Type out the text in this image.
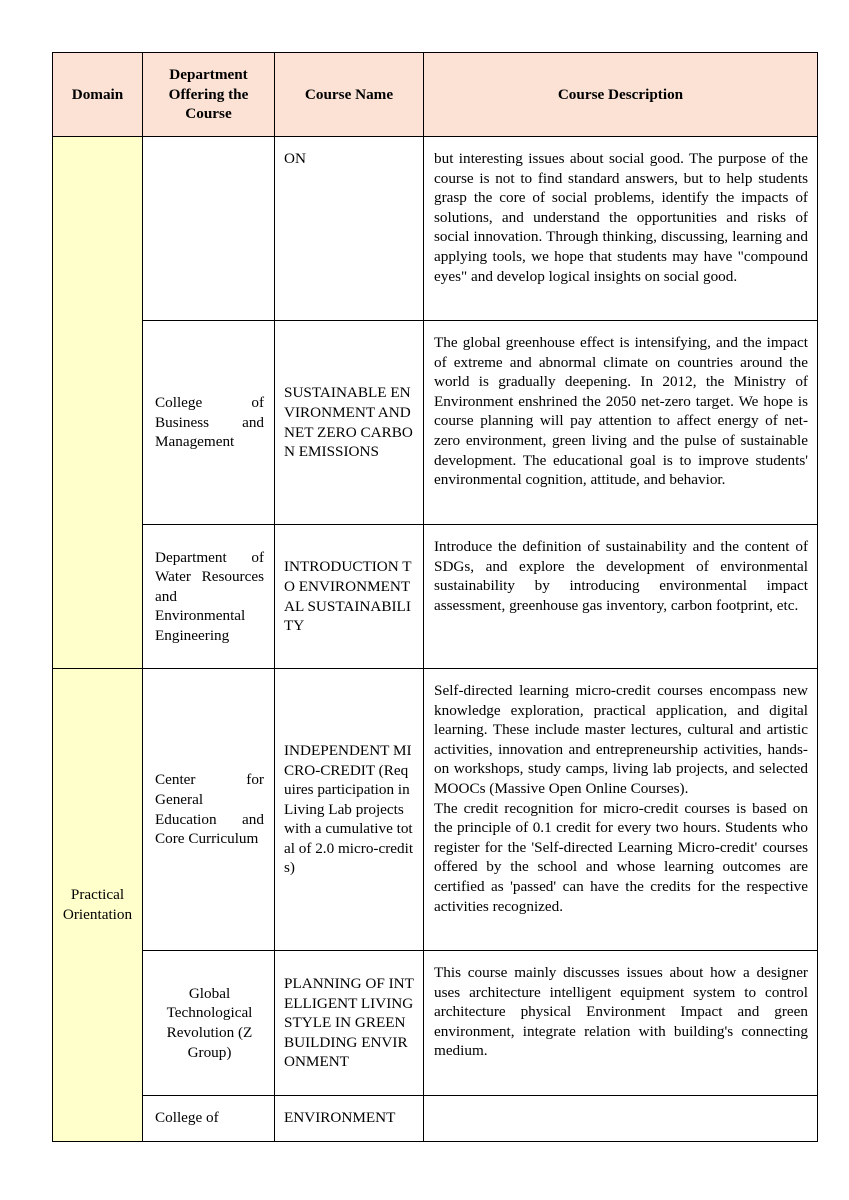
Domain	Department Offering the Course	Course Name	Course Description
		ON	but interesting issues about social good. The purpose of the course is not to find standard answers, but to help students grasp the core of social problems, identify the impacts of solutions, and understand the opportunities and risks of social innovation. Through thinking, discussing, learning and applying tools, we hope that students may have "compound eyes" and develop logical insights on social good.
	College of Business and Management	SUSTAINABLE ENVIRONMENT AND NET ZERO CARBON EMISSIONS	The global greenhouse effect is intensifying, and the impact of extreme and abnormal climate on countries around the world is gradually deepening. In 2012, the Ministry of Environment enshrined the 2050 net-zero target. We hope is course planning will pay attention to affect energy of net-zero environment, green living and the pulse of sustainable development. The educational goal is to improve students' environmental cognition, attitude, and behavior.
	Department of Water Resources and Environmental Engineering	INTRODUCTION TO ENVIRONMENTAL SUSTAINABILITY	Introduce the definition of sustainability and the content of SDGs, and explore the development of environmental sustainability by introducing environmental impact assessment, greenhouse gas inventory, carbon footprint, etc.
Practical Orientation	Center for General Education and Core Curriculum	INDEPENDENT MICRO-CREDIT (Requires participation in Living Lab projects with a cumulative total of 2.0 micro-credits)	Self-directed learning micro-credit courses encompass new knowledge exploration, practical application, and digital learning. These include master lectures, cultural and artistic activities, innovation and entrepreneurship activities, hands-on workshops, study camps, living lab projects, and selected MOOCs (Massive Open Online Courses).

The credit recognition for micro-credit courses is based on the principle of 0.1 credit for every two hours. Students who register for the 'Self-directed Learning Micro-credit' courses offered by the school and whose learning outcomes are certified as 'passed' can have the credits for the respective activities recognized.

	Global Technological Revolution (Z Group)	PLANNING OF INTELLIGENT LIVING STYLE IN GREEN BUILDING ENVIRONMENT	This course mainly discusses issues about how a designer uses architecture intelligent equipment system to control architecture physical Environment Impact and green environment, integrate relation with building's connecting medium.
	College of	ENVIRONMENT	
